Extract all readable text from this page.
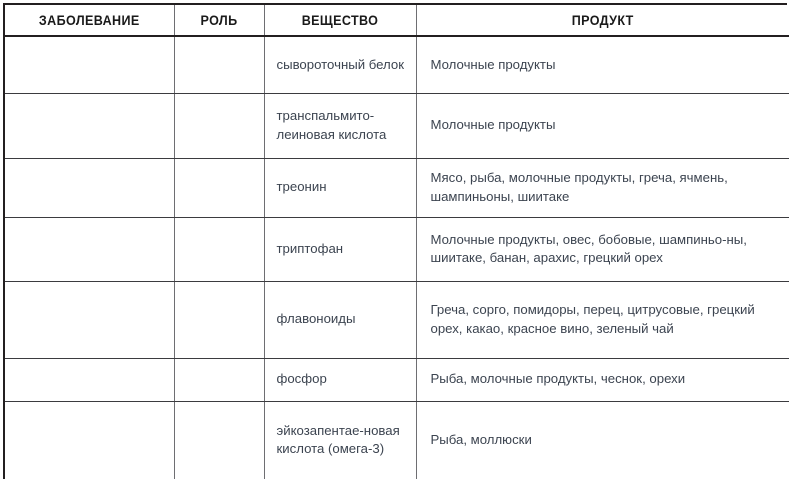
ЗАБОЛЕВАНИЕ	РОЛЬ	ВЕЩЕСТВО	ПРОДУКТ
		сывороточный белок	Молочные продукты
		транспальмито-леиновая кислота	Молочные продукты
		треонин	Мясо, рыба, молочные продукты, греча, ячмень, шампиньоны, шиитаке
		триптофан	Молочные продукты, овес, бобовые, шампиньо-ны, шиитаке, банан, арахис, грецкий орех
		флавоноиды	Греча, сорго, помидоры, перец, цитрусовые, грецкий орех, какао, красное вино, зеленый чай
		фосфор	Рыба, молочные продукты, чеснок, орехи
		эйкозапентае-новая кислота (омега-3)	Рыба, моллюски
